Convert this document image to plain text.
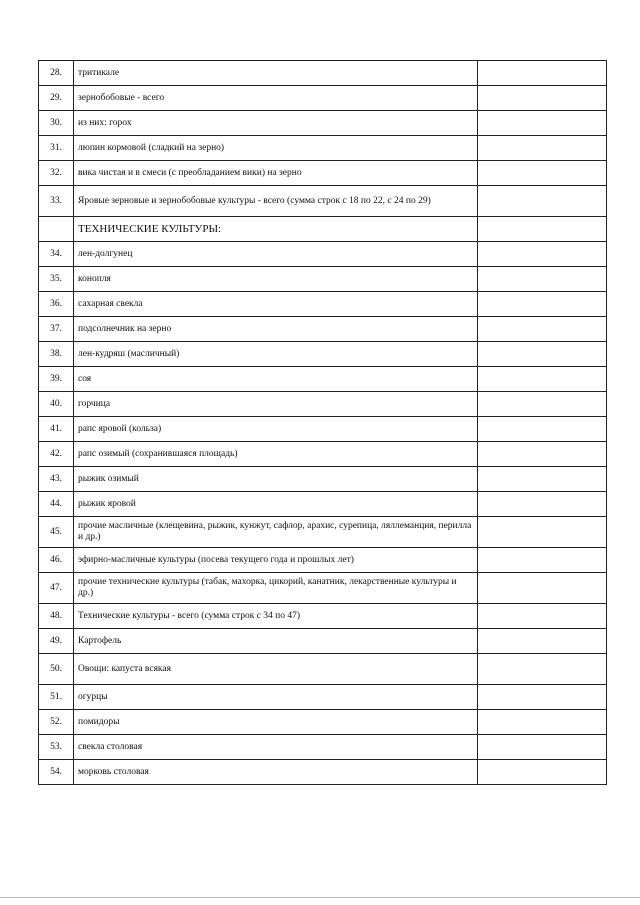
28.	тритикале	
29.	зернобобовые - всего	
30.	из них: горох	
31.	люпин кормовой (сладкий на зерно)	
32.	вика чистая и в смеси (с преобладанием вики) на зерно	
33.	Яровые зерновые и зернобобовые культуры - всего (сумма строк с 18 по 22, с 24 по 29)	
	ТЕХНИЧЕСКИЕ КУЛЬТУРЫ:	
34.	лен-долгунец	
35.	конопля	
36.	сахарная свекла	
37.	подсолнечник на зерно	
38.	лен-кудряш (масличный)	
39.	соя	
40.	горчица	
41.	рапс яровой (кольза)	
42.	рапс озимый (сохранившаяся площадь)	
43.	рыжик озимый	
44.	рыжик яровой	
45.	прочие масличные (клещевина, рыжик, кунжут, сафлор, арахис, сурепица, ляллеманция, перилла и др.)	
46.	эфирно-масличные культуры (посева текущего года и прошлых лет)	
47.	прочие технические культуры (табак, махорка, цикорий, канатник, лекарственные культуры и др.)	
48.	Технические культуры - всего (сумма строк с 34 по 47)	
49.	Картофель	
50.	Овощи: капуста всякая	
51.	огурцы	
52.	помидоры	
53.	свекла столовая	
54.	морковь столовая	
